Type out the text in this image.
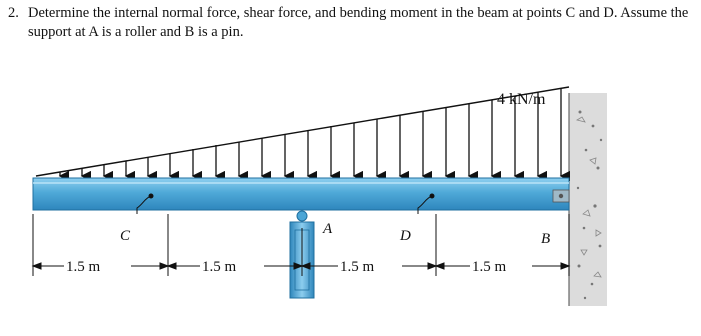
2. Determine the internal normal force, shear force, and bending moment in the beam at points C and D. Assume the support at A is a roller and B is a pin.
4 kN/m
C	D
A
B
1.5 m	1.5 m	1.5 m	1.5 m
